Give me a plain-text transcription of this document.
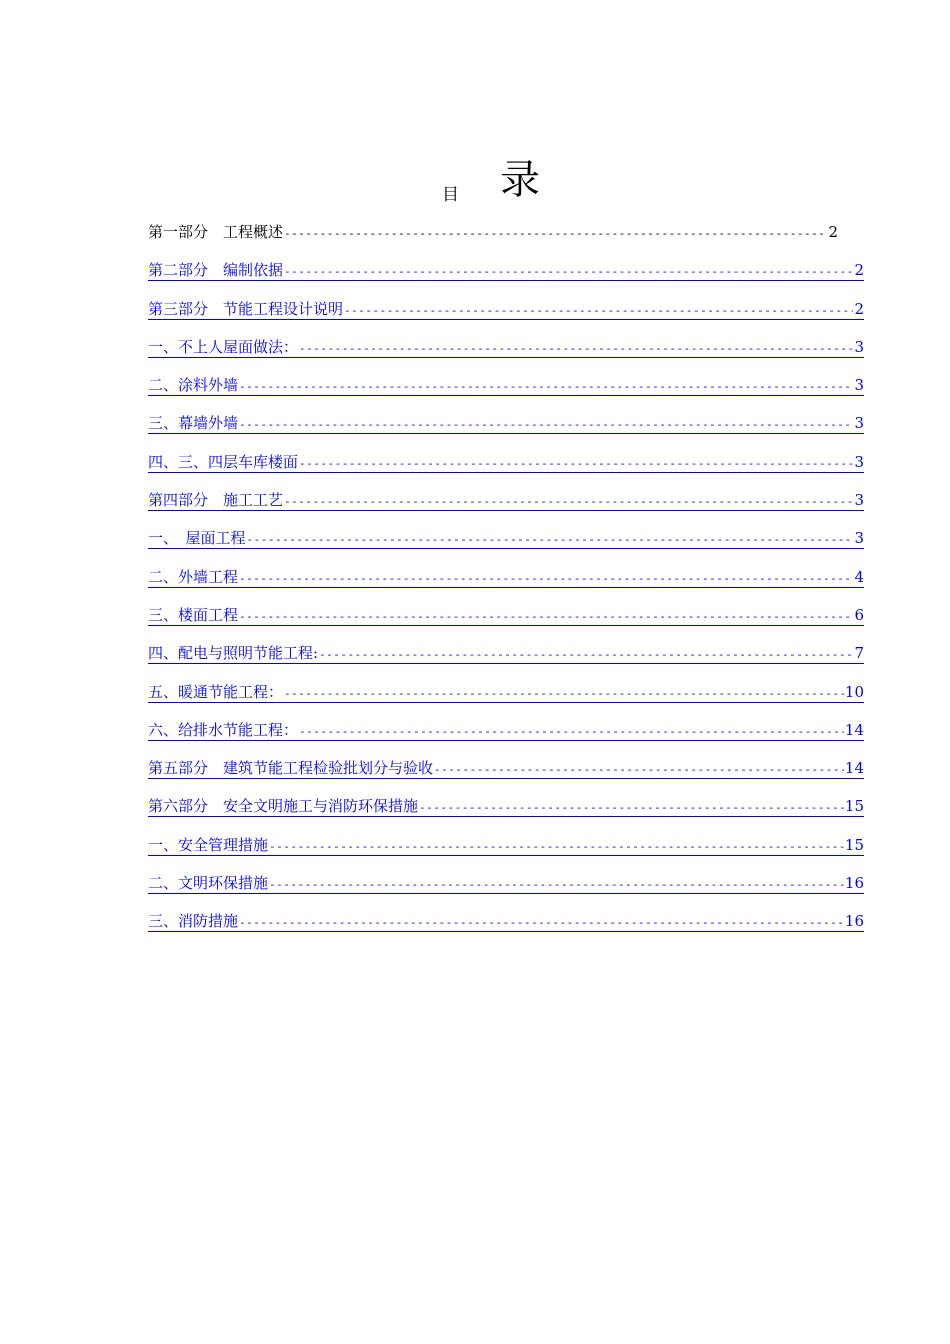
目 录
第一部分　工程概述 -----	2
第二部分　编制依据 -----	2
第三部分　节能工程设计说明 -----	2
一、不上人屋面做法： -----	3
二、涂料外墙 -----	3
三、幕墙外墙 -----	3
四、三、四层车库楼面 -----	3
第四部分　施工工艺 -----	3
一、　屋面工程 -----	3
二、外墙工程 -----	4
三、楼面工程 -----	6
四、配电与照明节能工程: -----	7
五、暖通节能工程： -----	10
六、给排水节能工程： -----	14
第五部分　建筑节能工程检验批划分与验收 -----	14
第六部分　安全文明施工与消防环保措施 -----	15
一、安全管理措施 -----	15
二、文明环保措施 -----	16
三、消防措施 -----	16
